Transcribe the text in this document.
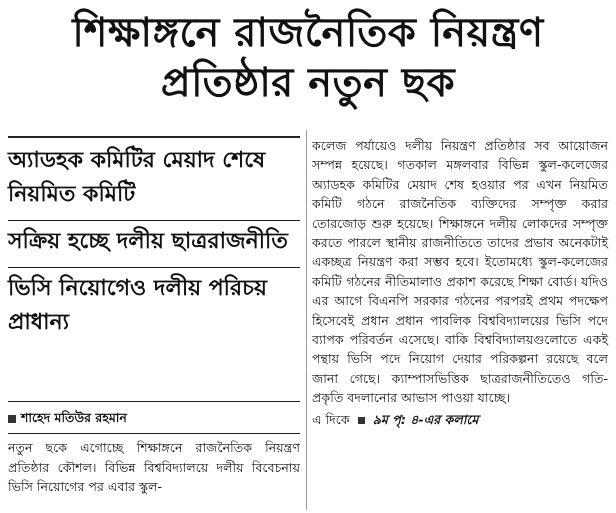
শিক্ষাঙ্গনে রাজনৈতিক নিয়ন্ত্রণ
প্রতিষ্ঠার নতুন ছক
অ্যাডহক কমিটির মেয়াদ শেষে নিয়মিত কমিটি
সক্রিয় হচ্ছে দলীয় ছাত্ররাজনীতি
ভিসি নিয়োগেও দলীয় পরিচয় প্রাধান্য
শাহেদ মতিউর রহমান
নতুন ছকে এগোচ্ছে শিক্ষাঙ্গনে রাজনৈতিক নিয়ন্ত্রণ প্রতিষ্ঠার কৌশল। বিভিন্ন বিশ্ববিদ্যালয়ে দলীয় বিবেচনায় ভিসি নিয়োগের পর এবার স্কুল-

কলেজ পর্যায়েও দলীয় নিয়ন্ত্রণ প্রতিষ্ঠার সব আয়োজন সম্পন্ন হয়েছে। গতকাল মঙ্গলবার বিভিন্ন স্কুল-কলেজের অ্যাডহক কমিটির মেয়াদ শেষ হওয়ার পর এখন নিয়মিত কমিটি গঠনে রাজনৈতিক ব্যক্তিদের সম্পৃক্ত করার তোরজোড় শুরু হয়েছে। শিক্ষাঙ্গনে দলীয় লোকদের সম্পৃক্ত করতে পারলে স্থানীয় রাজনীতিতে তাদের প্রভাব অনেকটাই একচ্ছত্র নিয়ন্ত্রণ করা সম্ভব হবে। ইতোমধ্যে স্কুল-কলেজের কমিটি গঠনের নীতিমালাও প্রকাশ করেছে শিক্ষা বোর্ড। যদিও এর আগে বিএনপি সরকার গঠনের পরপরই প্রথম পদক্ষেপ হিসেবেই প্রধান প্রধান পাবলিক বিশ্ববিদ্যালয়ের ভিসি পদে ব্যাপক পরিবর্তন এসেছে। বাকি বিশ্ববিদ্যালয়গুলোতে একই পন্থায় ভিসি পদে নিয়োগ দেয়ার পরিকল্পনা রয়েছে বলে জানা গেছে। ক্যাম্পাসভিত্তিক ছাত্ররাজনীতিতেও গতি-প্রকৃতি বদলানোর আভাস পাওয়া যাচ্ছে।

এ দিকে ৯ম পৃ: ৪-এর কলামে
